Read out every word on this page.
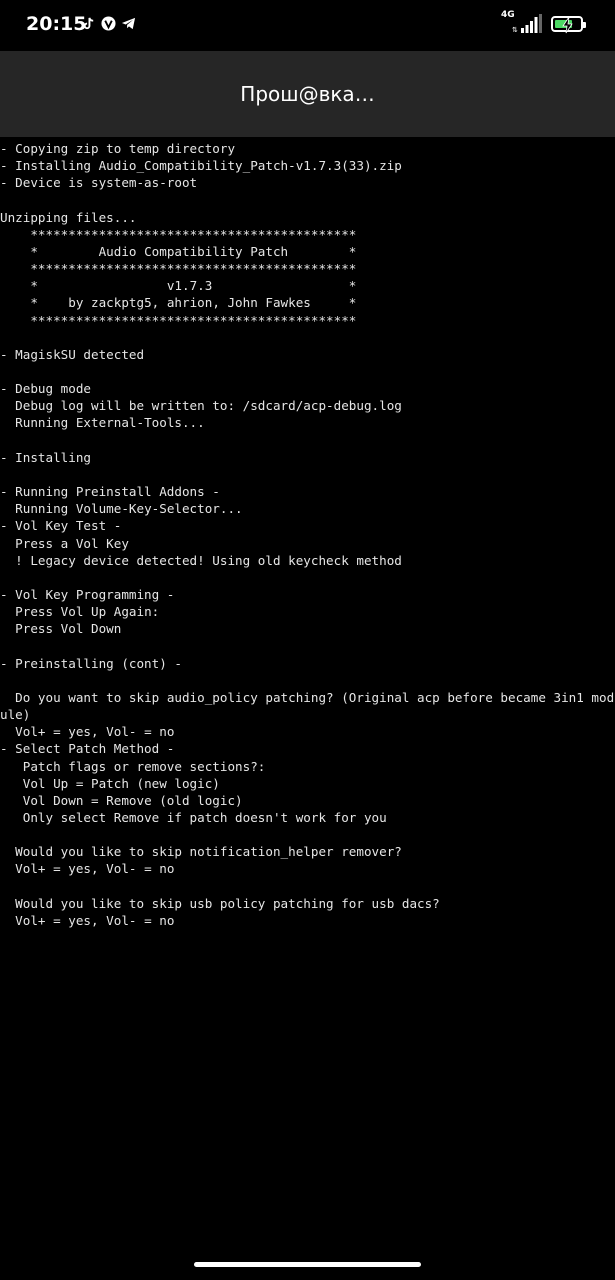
20:15	4G
⇅
Прош@вка…
- Copying zip to temp directory
- Installing Audio_Compatibility_Patch-v1.7.3(33).zip
- Device is system-as-root
Unzipping files...
*******************************************
*        Audio Compatibility Patch        *
*******************************************
*                 v1.7.3                  *
*    by zackptg5, ahrion, John Fawkes     *
*******************************************
- MagiskSU detected
- Debug mode
Debug log will be written to: /sdcard/acp-debug.log
Running External-Tools...
- Installing
- Running Preinstall Addons -
Running Volume-Key-Selector...
- Vol Key Test -
Press a Vol Key
! Legacy device detected! Using old keycheck method
- Vol Key Programming -
Press Vol Up Again:
Press Vol Down
- Preinstalling (cont) -
Do you want to skip audio_policy patching? (Original acp before became 3in1 module)
Vol+ = yes, Vol- = no
- Select Patch Method -
Patch flags or remove sections?:
Vol Up = Patch (new logic)
Vol Down = Remove (old logic)
Only select Remove if patch doesn't work for you
Would you like to skip notification_helper remover?
Vol+ = yes, Vol- = no
Would you like to skip usb policy patching for usb dacs?
Vol+ = yes, Vol- = no
